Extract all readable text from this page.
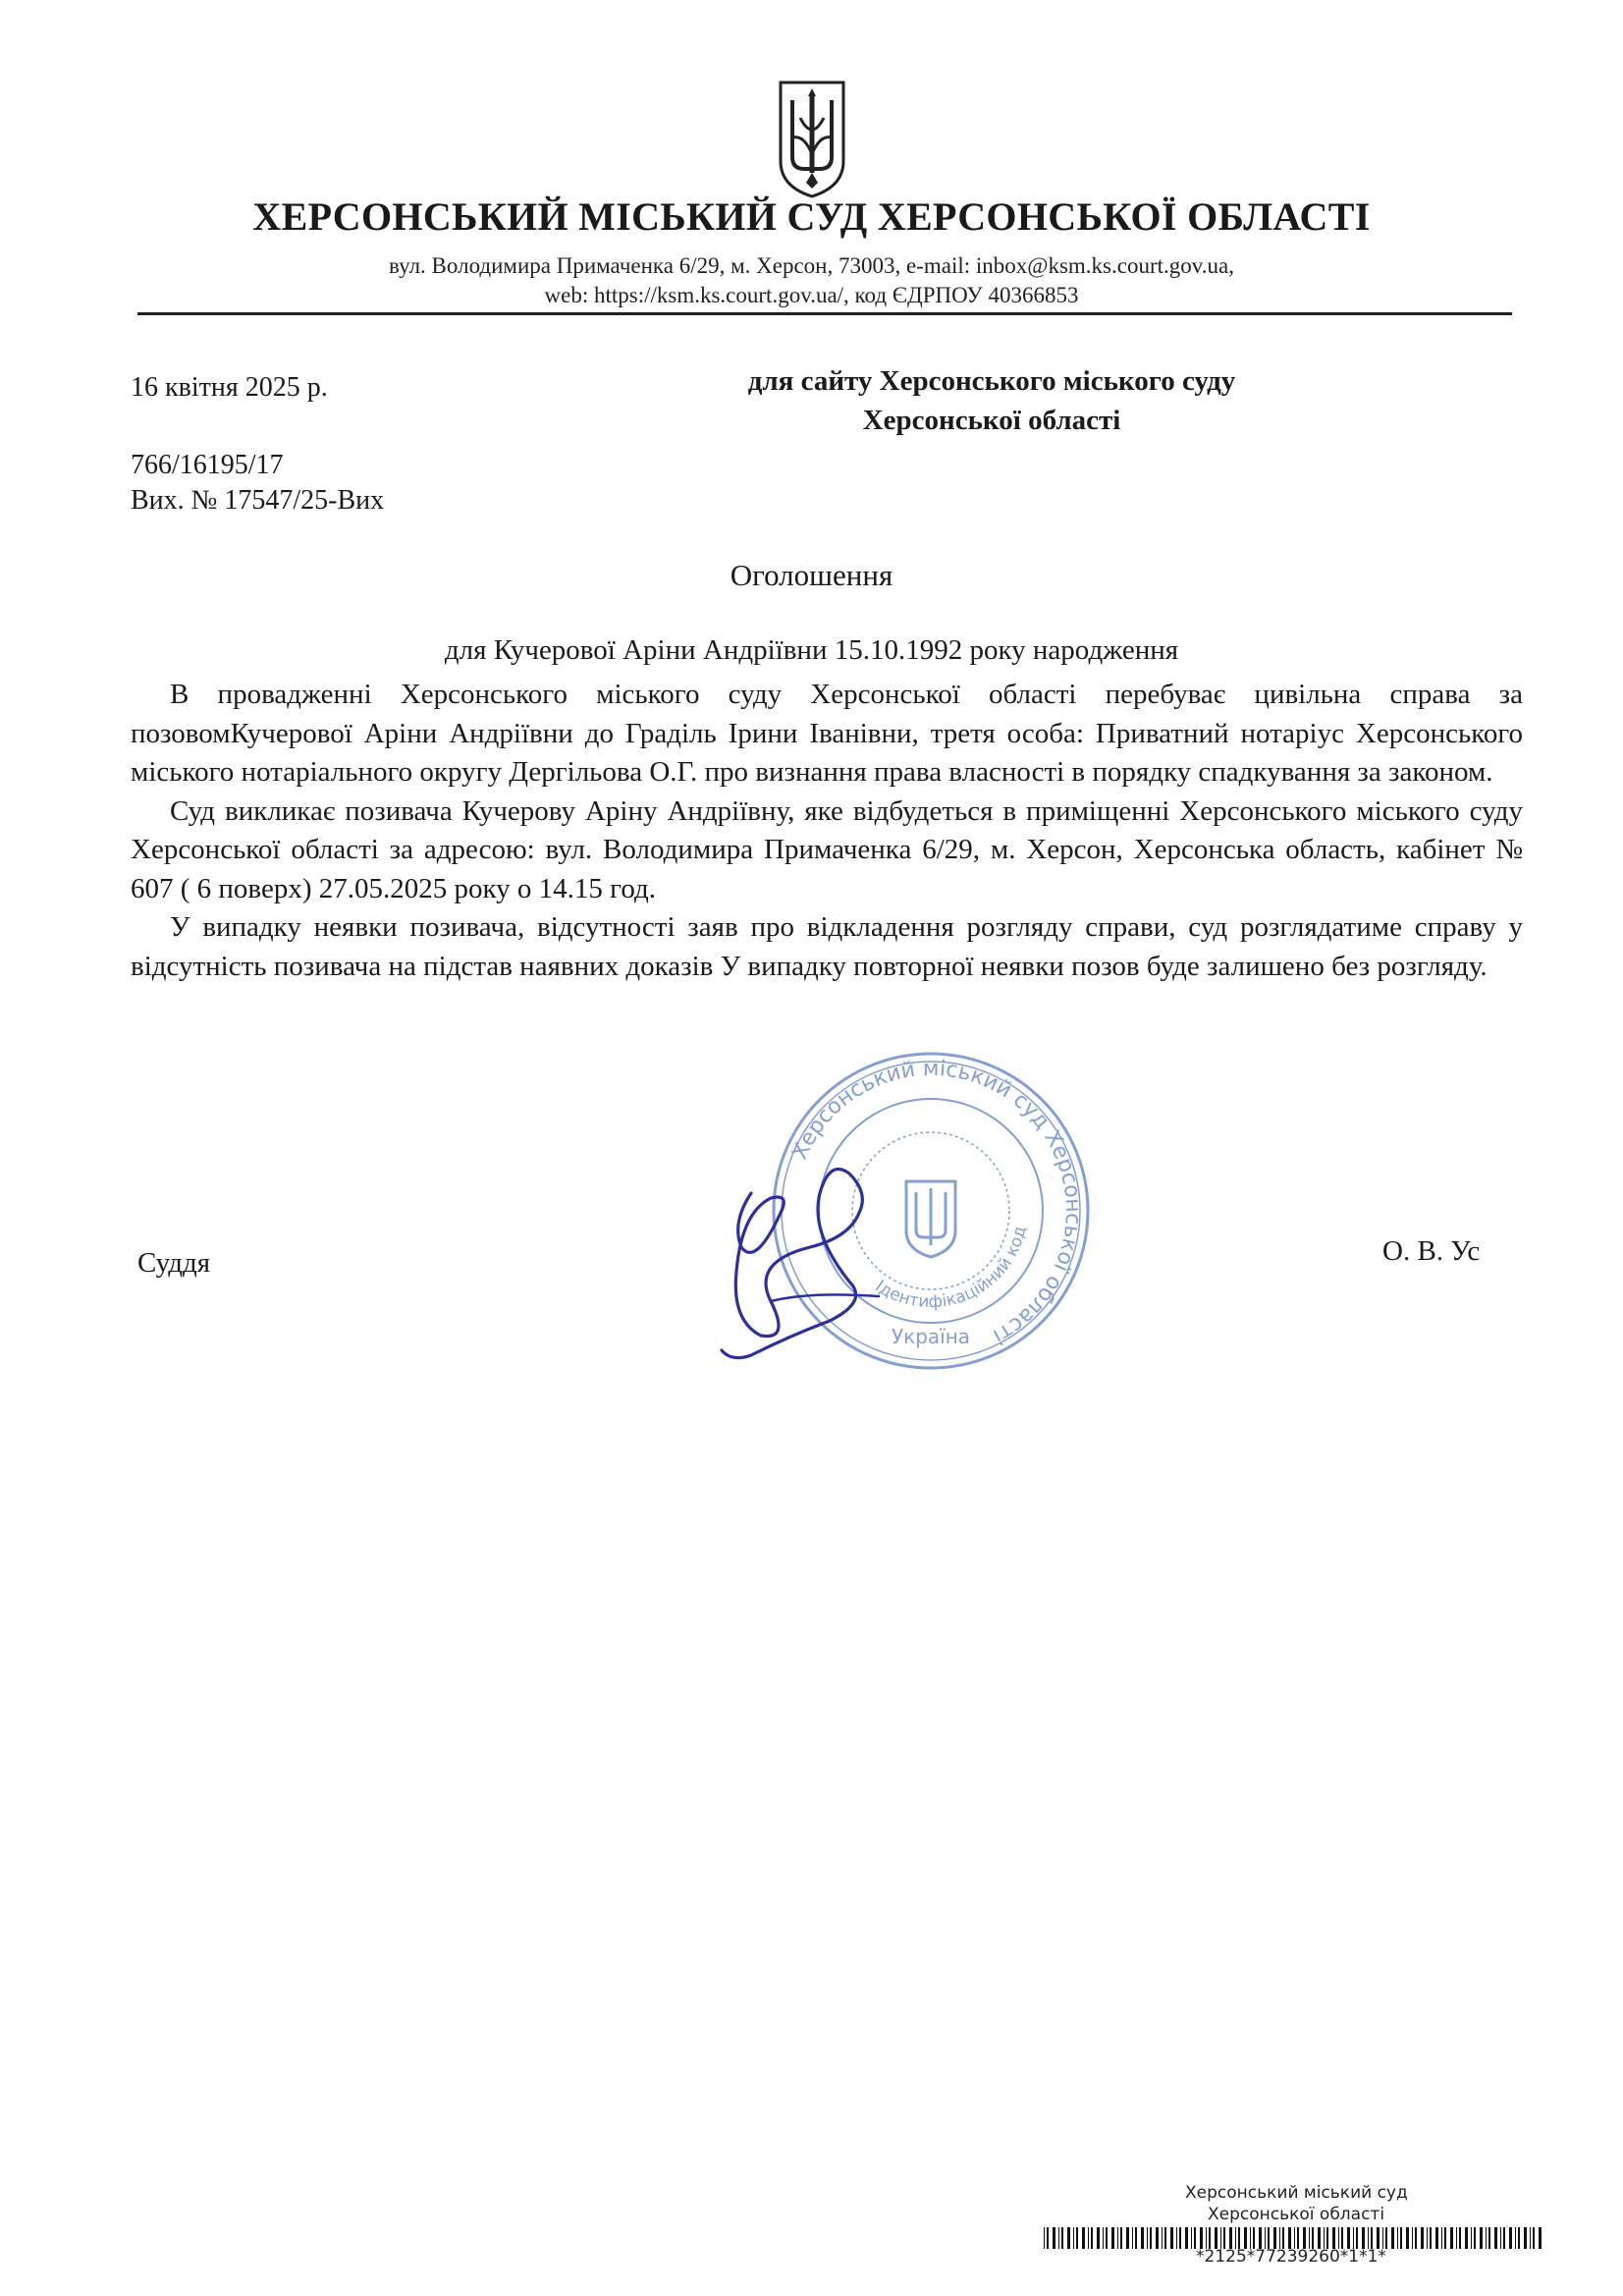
ХЕРСОНСЬКИЙ МІСЬКИЙ СУД ХЕРСОНСЬКОЇ ОБЛАСТІ
вул. Володимира Примаченка 6/29, м. Херсон, 73003, e-mail: inbox@ksm.ks.court.gov.ua,
web: https://ksm.ks.court.gov.ua/, код ЄДРПОУ 40366853
16 квітня 2025 р.
766/16195/17
Вих. № 17547/25-Вих
для сайту Херсонського міського суду
Херсонської області
Оголошення
для Кучерової Аріни Андріївни 15.10.1992 року народження

В провадженні Херсонського міського суду Херсонської області перебуває цивільна справа за позовомКучерової Аріни Андріївни до Граділь Ірини Іванівни, третя особа: Приватний нотаріус Херсонського міського нотаріального округу Дергільова О.Г. про визнання права власності в порядку спадкування за законом.

Суд викликає позивача Кучерову Аріну Андріївну, яке відбудеться в приміщенні Херсонського міського суду Херсонської області за адресою: вул. Володимира Примаченка 6/29, м. Херсон, Херсонська область, кабінет № 607 ( 6 поверх) 27.05.2025 року о 14.15 год.

У випадку неявки позивача, відсутності заяв про відкладення розгляду справи, суд розглядатиме справу у відсутність позивача на підстав наявних доказів У випадку повторної неявки позов буде залишено без розгляду.

Херсонський міський суд Херсонської області
Ідентифікаційний код
Україна
Суддя	О. В. Ус
Херсонський міський суд
Херсонської області
*2125*77239260*1*1*
